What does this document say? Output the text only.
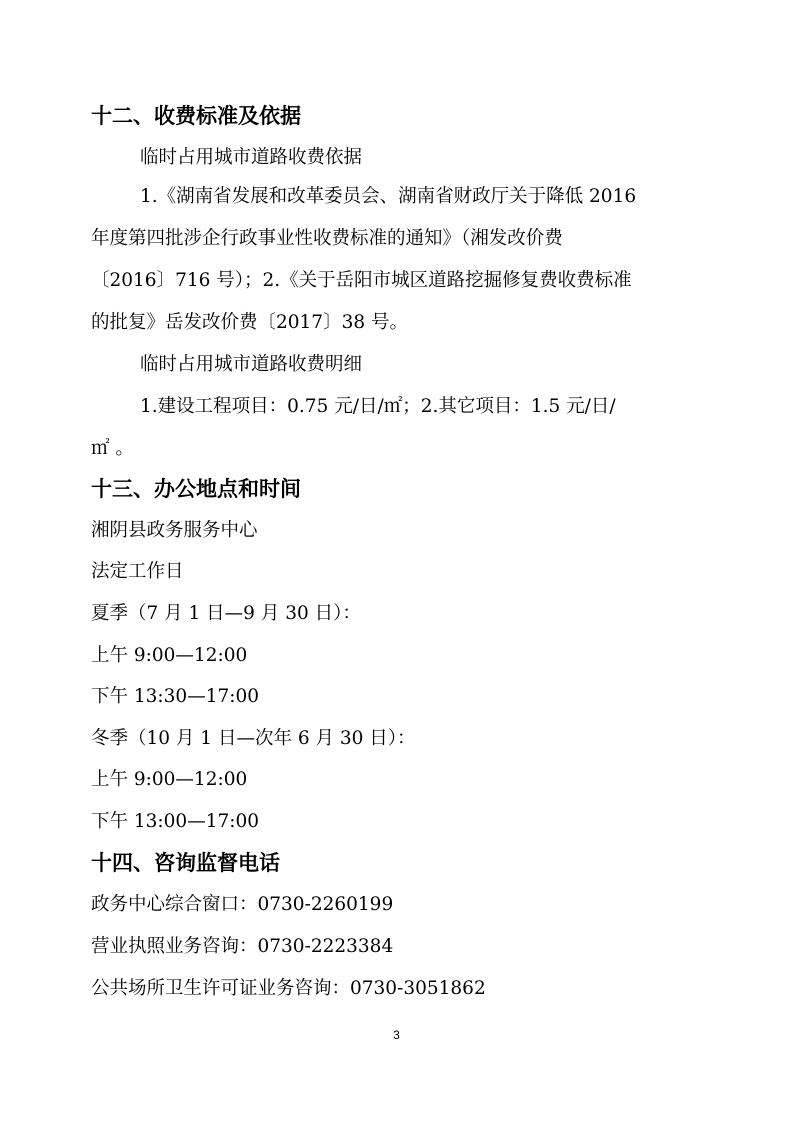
十二、收费标准及依据
临时占用城市道路收费依据
1.《湖南省发展和改革委员会、湖南省财政厅关于降低 2016
年度第四批涉企行政事业性收费标准的通知》（湘发改价费
〔2016〕716 号）；2.《关于岳阳市城区道路挖掘修复费收费标准
的批复》岳发改价费〔2017〕38 号。
临时占用城市道路收费明细
1.建设工程项目：0.75 元/日/㎡；2.其它项目：1.5 元/日/
㎡ 。
十三、办公地点和时间
湘阴县政务服务中心
法定工作日
夏季（7 月 1 日—9 月 30 日）：
上午 9:00—12:00
下午 13:30—17:00
冬季（10 月 1 日—次年 6 月 30 日）：
上午 9:00—12:00
下午 13:00—17:00
十四、咨询监督电话
政务中心综合窗口：0730-2260199
营业执照业务咨询：0730-2223384
公共场所卫生许可证业务咨询：0730-3051862
3
